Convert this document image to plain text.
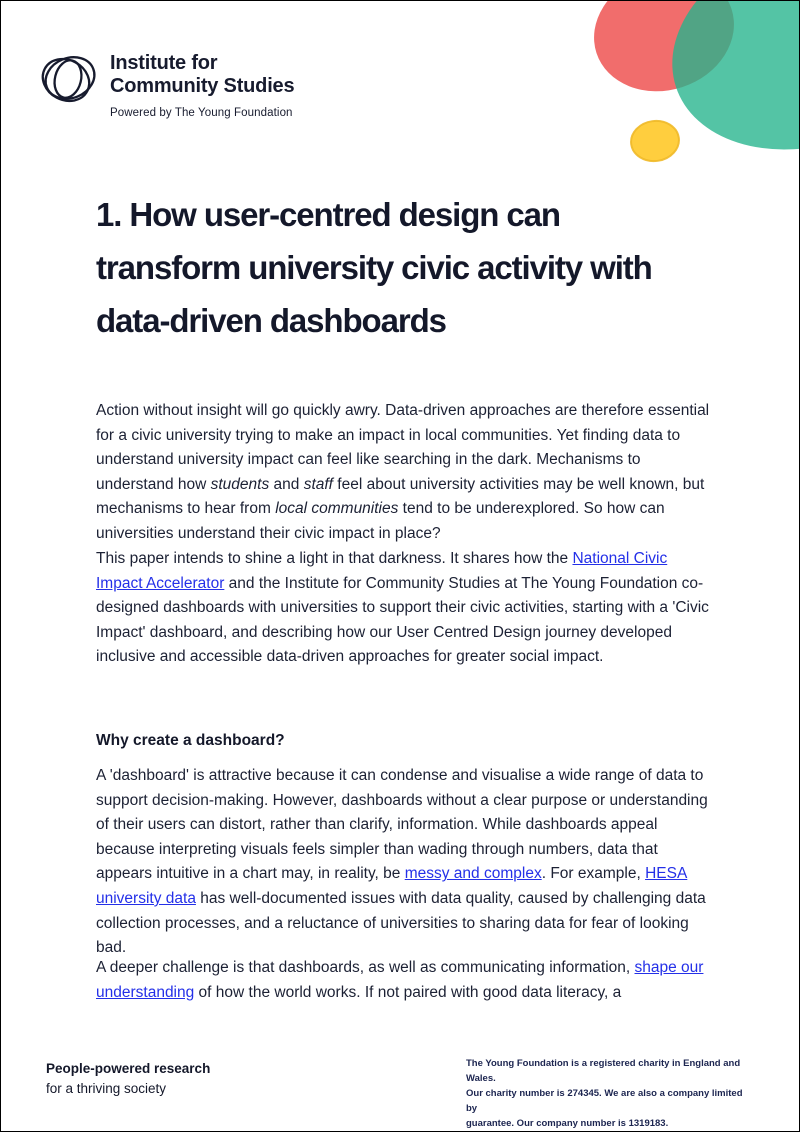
Institute for
Community Studies
Powered by The Young Foundation
1. How user-centred design can transform university civic activity with data-driven dashboards

Action without insight will go quickly awry. Data-driven approaches are therefore essential for a civic university trying to make an impact in local communities. Yet finding data to understand university impact can feel like searching in the dark. Mechanisms to understand how students and staff feel about university activities may be well known, but mechanisms to hear from local communities tend to be underexplored. So how can universities understand their civic impact in place?

This paper intends to shine a light in that darkness. It shares how the National Civic Impact Accelerator and the Institute for Community Studies at The Young Foundation co-designed dashboards with universities to support their civic activities, starting with a 'Civic Impact' dashboard, and describing how our User Centred Design journey developed inclusive and accessible data-driven approaches for greater social impact.

Why create a dashboard?

A 'dashboard' is attractive because it can condense and visualise a wide range of data to support decision-making. However, dashboards without a clear purpose or understanding of their users can distort, rather than clarify, information. While dashboards appeal because interpreting visuals feels simpler than wading through numbers, data that appears intuitive in a chart may, in reality, be messy and complex. For example, HESA university data has well-documented issues with data quality, caused by challenging data collection processes, and a reluctance of universities to sharing data for fear of looking bad.

A deeper challenge is that dashboards, as well as communicating information, shape our understanding of how the world works. If not paired with good data literacy, a

People-powered research
for a thriving society
The Young Foundation is a registered charity in England and Wales.
Our charity number is 274345. We are also a company limited by
guarantee. Our company number is 1319183.
